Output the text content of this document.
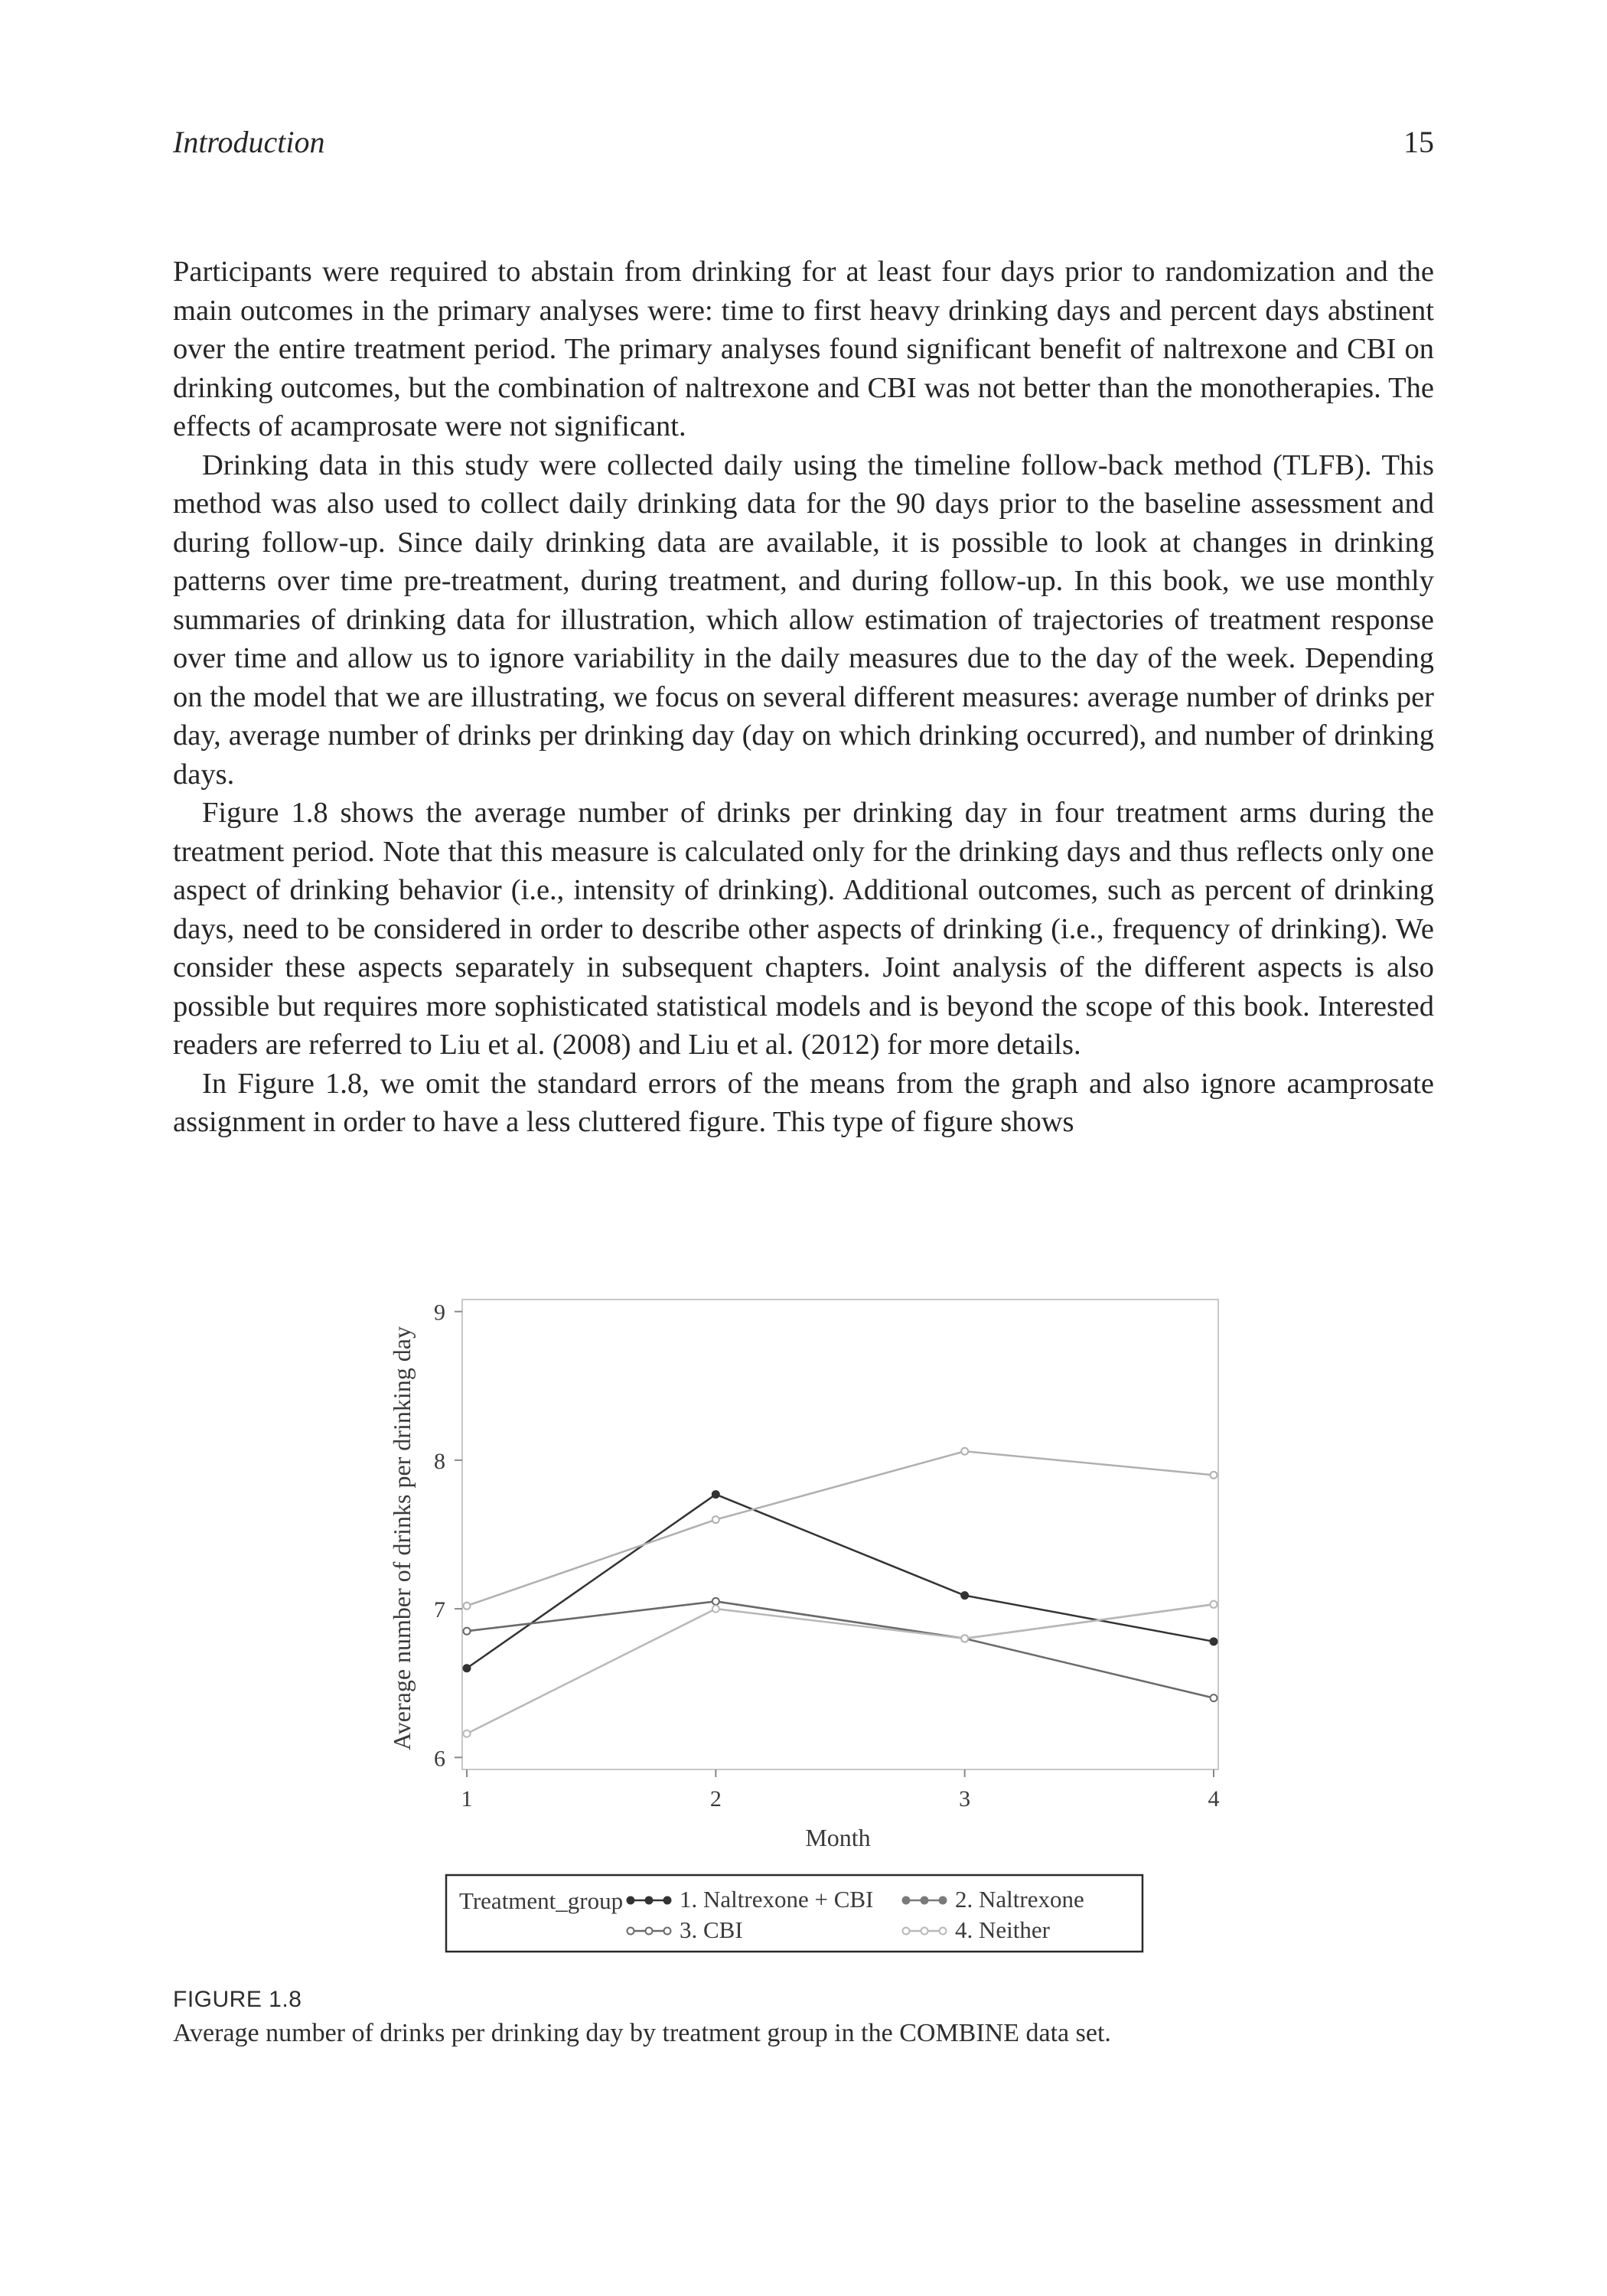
Introduction	15

Participants were required to abstain from drinking for at least four days prior to randomization and the main outcomes in the primary analyses were: time to first heavy drinking days and percent days abstinent over the entire treatment period. The primary analyses found significant benefit of naltrexone and CBI on drinking outcomes, but the combination of naltrexone and CBI was not better than the monotherapies. The effects of acamprosate were not significant.

Drinking data in this study were collected daily using the timeline follow-back method (TLFB). This method was also used to collect daily drinking data for the 90 days prior to the baseline assessment and during follow-up. Since daily drinking data are available, it is possible to look at changes in drinking patterns over time pre-treatment, during treatment, and during follow-up. In this book, we use monthly summaries of drinking data for illustration, which allow estimation of trajectories of treatment response over time and allow us to ignore variability in the daily measures due to the day of the week. Depending on the model that we are illustrating, we focus on several different measures: average number of drinks per day, average number of drinks per drinking day (day on which drinking occurred), and number of drinking days.

Figure 1.8 shows the average number of drinks per drinking day in four treatment arms during the treatment period. Note that this measure is calculated only for the drinking days and thus reflects only one aspect of drinking behavior (i.e., intensity of drinking). Additional outcomes, such as percent of drinking days, need to be considered in order to describe other aspects of drinking (i.e., frequency of drinking). We consider these aspects separately in subsequent chapters. Joint analysis of the different aspects is also possible but requires more sophisticated statistical models and is beyond the scope of this book. Interested readers are referred to Liu et al. (2008) and Liu et al. (2012) for more details.

In Figure 1.8, we omit the standard errors of the means from the graph and also ignore acamprosate assignment in order to have a less cluttered figure. This type of figure shows

6
7
8
9
1	2	3	4
Average number of drinks per drinking day
Month
Treatment_group 1. Naltrexone + CBI	2. Naltrexone
3. CBI	4. Neither
FIGURE 1.8
Average number of drinks per drinking day by treatment group in the COMBINE data set.
